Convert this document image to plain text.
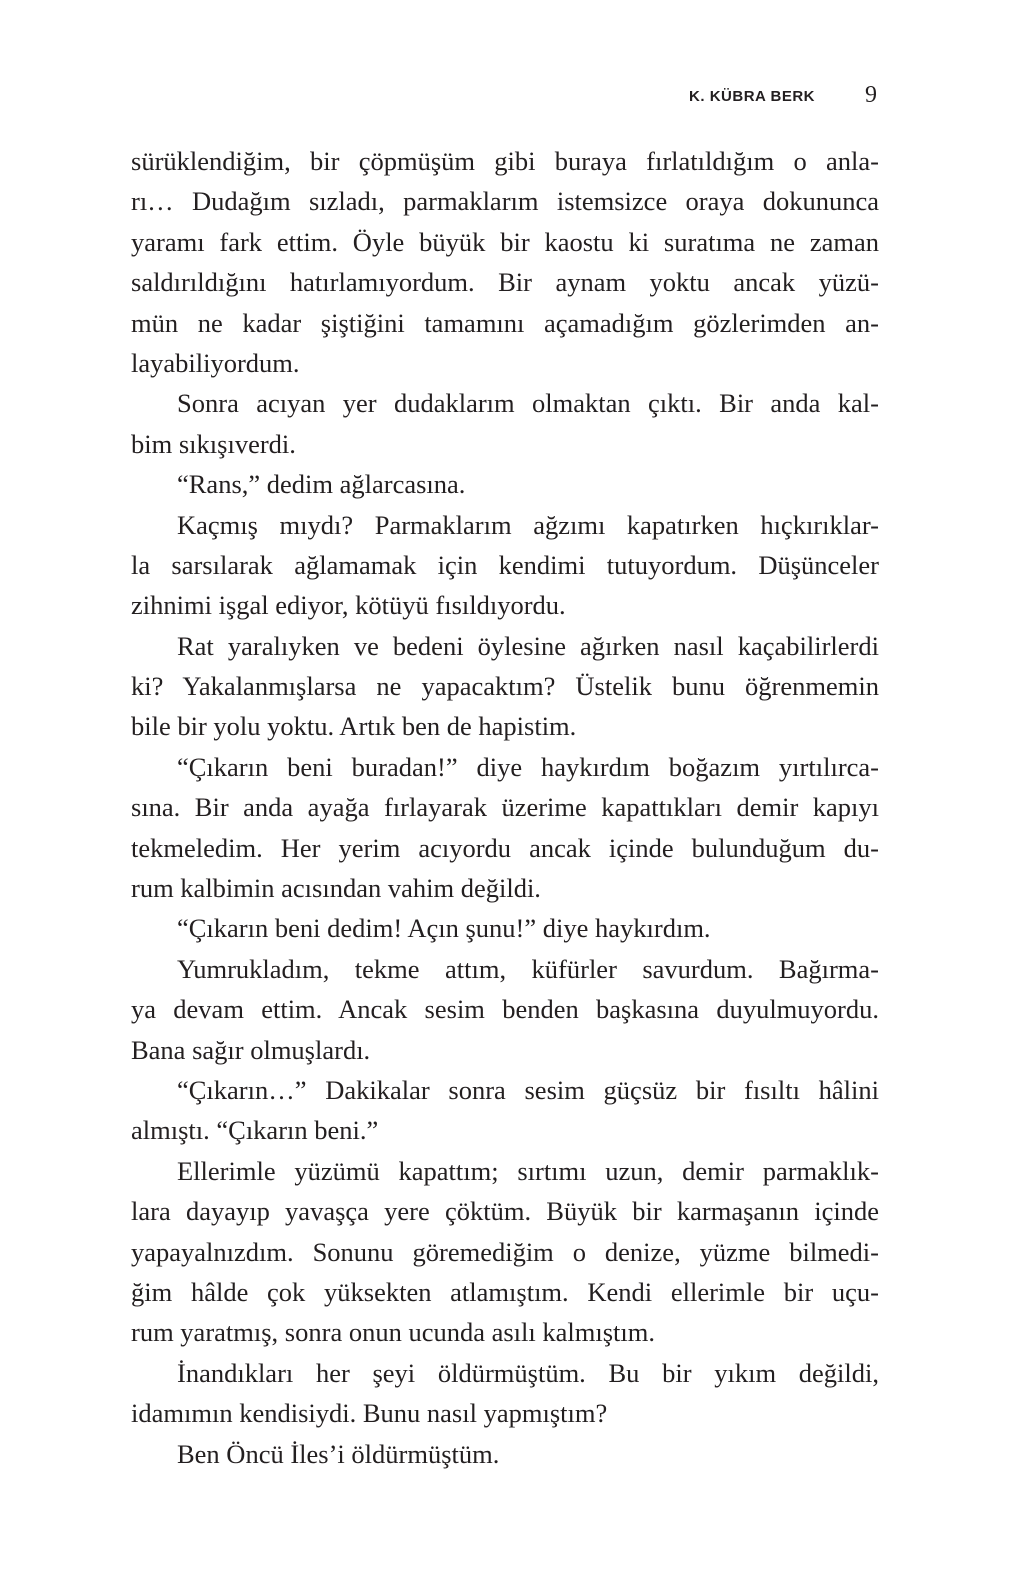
K. KÜBRA BERK 9
sürüklendiğim, bir çöpmüşüm gibi buraya fırlatıldığım o anla-
rı… Dudağım sızladı, parmaklarım istemsizce oraya dokununca
yaramı fark ettim. Öyle büyük bir kaostu ki suratıma ne zaman
saldırıldığını hatırlamıyordum. Bir aynam yoktu ancak yüzü-
mün ne kadar şiştiğini tamamını açamadığım gözlerimden an-
layabiliyordum.
Sonra acıyan yer dudaklarım olmaktan çıktı. Bir anda kal-
bim sıkışıverdi.
“Rans,” dedim ağlarcasına.
Kaçmış mıydı? Parmaklarım ağzımı kapatırken hıçkırıklar-
la sarsılarak ağlamamak için kendimi tutuyordum. Düşünceler
zihnimi işgal ediyor, kötüyü fısıldıyordu.
Rat yaralıyken ve bedeni öylesine ağırken nasıl kaçabilirlerdi
ki? Yakalanmışlarsa ne yapacaktım? Üstelik bunu öğrenmemin
bile bir yolu yoktu. Artık ben de hapistim.
“Çıkarın beni buradan!” diye haykırdım boğazım yırtılırca-
sına. Bir anda ayağa fırlayarak üzerime kapattıkları demir kapıyı
tekmeledim. Her yerim acıyordu ancak içinde bulunduğum du-
rum kalbimin acısından vahim değildi.
“Çıkarın beni dedim! Açın şunu!” diye haykırdım.
Yumrukladım, tekme attım, küfürler savurdum. Bağırma-
ya devam ettim. Ancak sesim benden başkasına duyulmuyordu.
Bana sağır olmuşlardı.
“Çıkarın…” Dakikalar sonra sesim güçsüz bir fısıltı hâlini
almıştı. “Çıkarın beni.”
Ellerimle yüzümü kapattım; sırtımı uzun, demir parmaklık-
lara dayayıp yavaşça yere çöktüm. Büyük bir karmaşanın içinde
yapayalnızdım. Sonunu göremediğim o denize, yüzme bilmedi-
ğim hâlde çok yüksekten atlamıştım. Kendi ellerimle bir uçu-
rum yaratmış, sonra onun ucunda asılı kalmıştım.
İnandıkları her şeyi öldürmüştüm. Bu bir yıkım değildi,
idamımın kendisiydi. Bunu nasıl yapmıştım?
Ben Öncü İles’i öldürmüştüm.
